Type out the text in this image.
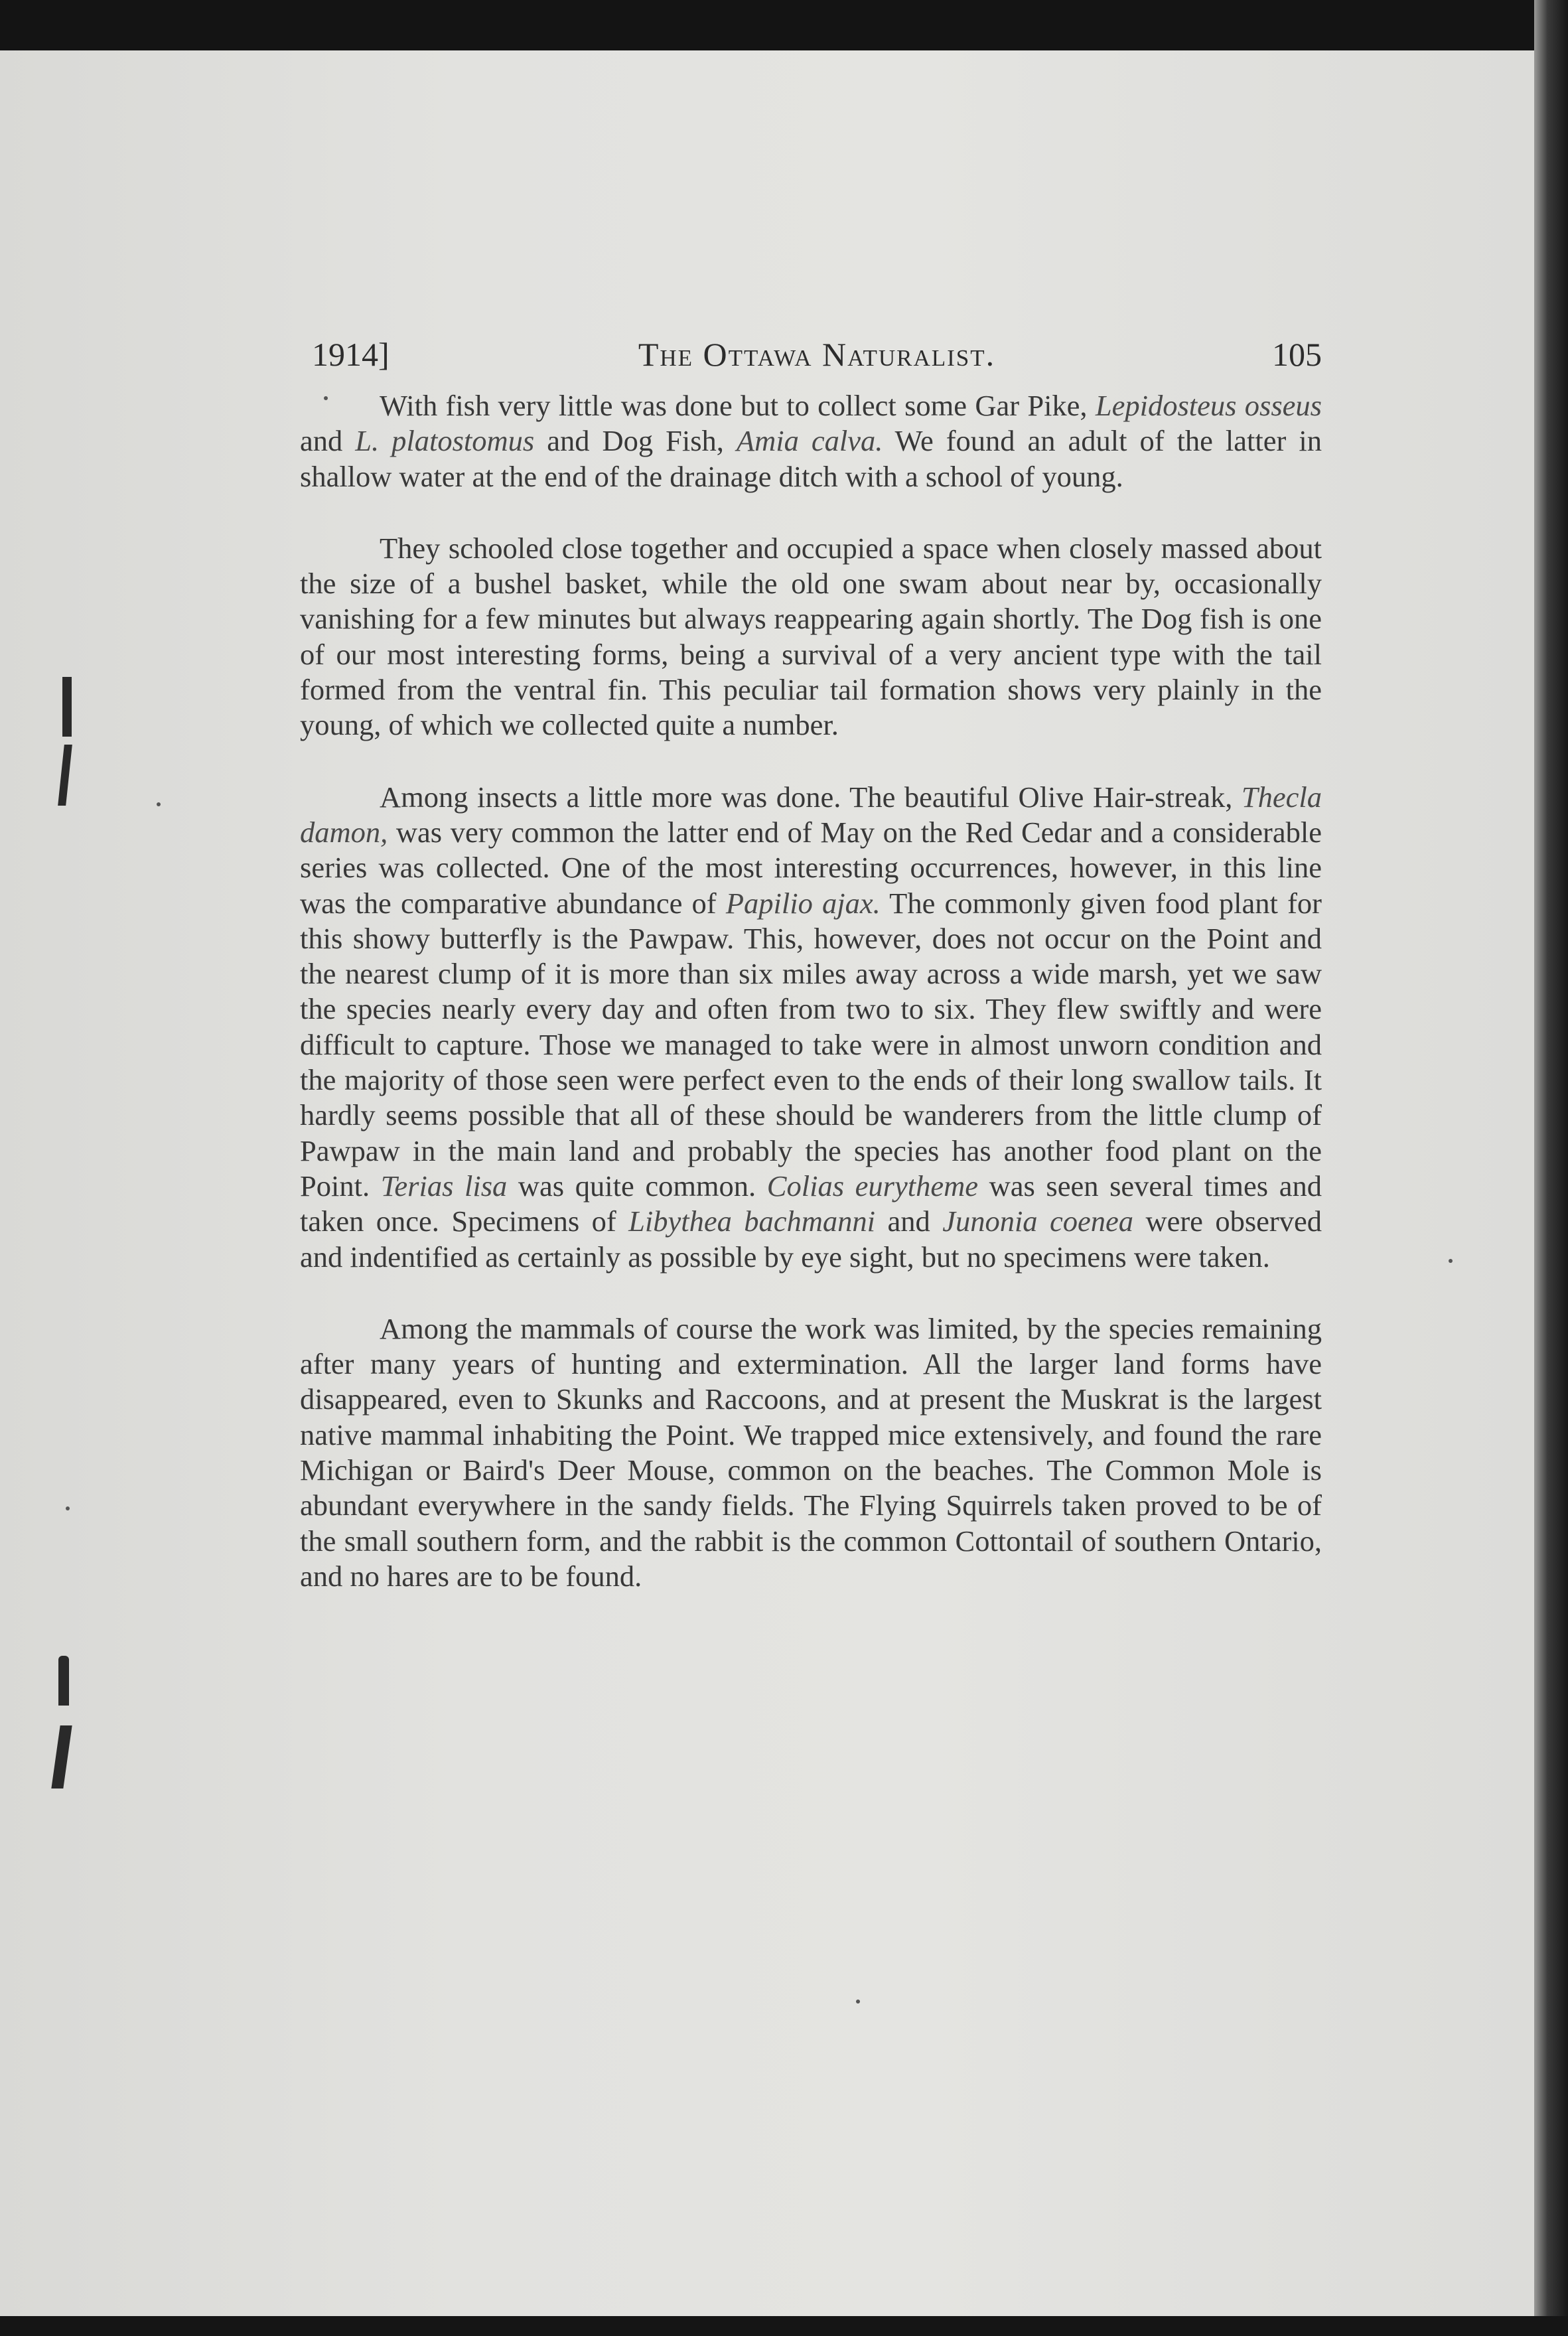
1914]	The Ottawa Naturalist.	105

With fish very little was done but to collect some Gar Pike, Lepidosteus osseus and L. platostomus and Dog Fish, Amia calva. We found an adult of the latter in shallow water at the end of the drainage ditch with a school of young.

They schooled close together and occupied a space when closely massed about the size of a bushel basket, while the old one swam about near by, occasionally vanishing for a few minutes but always reappearing again shortly. The Dog fish is one of our most interesting forms, being a survival of a very ancient type with the tail formed from the ventral fin. This peculiar tail formation shows very plainly in the young, of which we collected quite a number.

Among insects a little more was done. The beautiful Olive Hair-streak, Thecla damon, was very common the latter end of May on the Red Cedar and a considerable series was collected. One of the most interesting occurrences, however, in this line was the comparative abundance of Papilio ajax. The commonly given food plant for this showy butterfly is the Pawpaw. This, however, does not occur on the Point and the nearest clump of it is more than six miles away across a wide marsh, yet we saw the species nearly every day and often from two to six. They flew swiftly and were difficult to capture. Those we managed to take were in almost unworn condition and the majority of those seen were perfect even to the ends of their long swallow tails. It hardly seems possible that all of these should be wanderers from the little clump of Pawpaw in the main land and probably the species has another food plant on the Point. Terias lisa was quite common. Colias eurytheme was seen several times and taken once. Specimens of Libythea bachmanni and Junonia coenea were observed and indentified as certainly as possible by eye sight, but no specimens were taken.

Among the mammals of course the work was limited, by the species remaining after many years of hunting and extermination. All the larger land forms have disappeared, even to Skunks and Raccoons, and at present the Muskrat is the largest native mammal inhabiting the Point. We trapped mice extensively, and found the rare Michigan or Baird's Deer Mouse, common on the beaches. The Common Mole is abundant everywhere in the sandy fields. The Flying Squirrels taken proved to be of the small southern form, and the rabbit is the common Cottontail of southern Ontario, and no hares are to be found.
